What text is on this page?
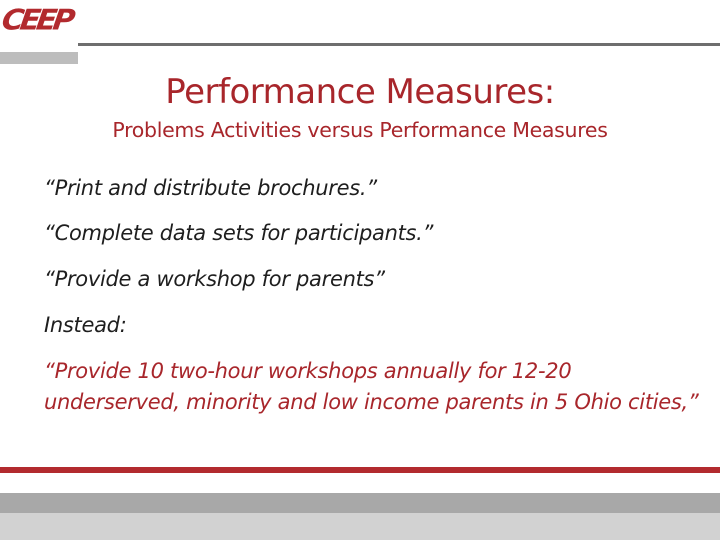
CEEP
Performance Measures:
Problems Activities versus Performance Measures
“Print and distribute brochures.”
“Complete data sets for participants.”
“Provide a workshop for parents”
Instead:
“Provide 10 two-hour workshops annually for 12-20 underserved, minority and low income parents in 5 Ohio cities,”
